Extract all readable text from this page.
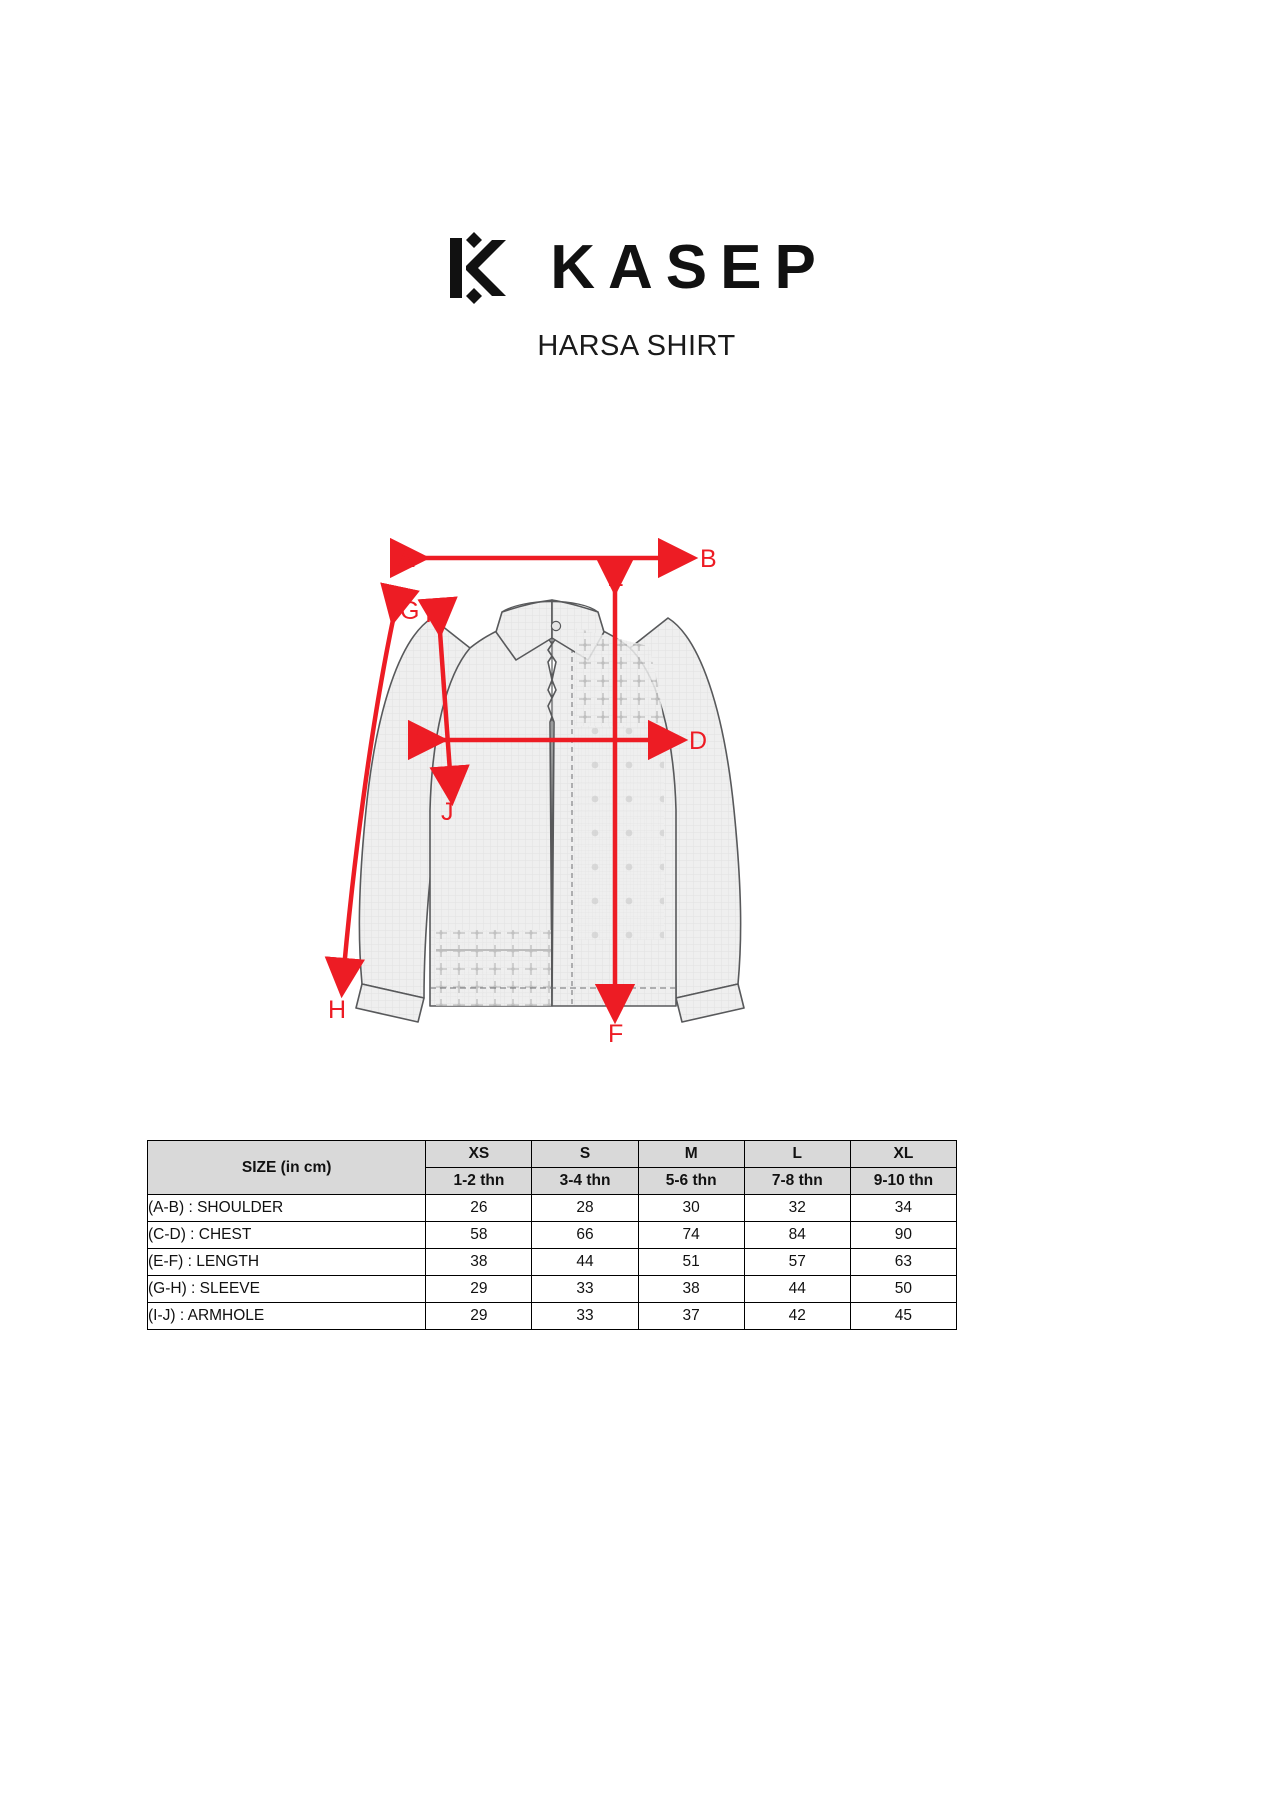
KASEP
HARSA SHIRT
A	B
C	D
E
F
G
H
I
J
SIZE (in cm)	XS	S	M	L	XL
	1-2 thn	3-4 thn	5-6 thn	7-8 thn	9-10 thn
(A-B) : SHOULDER	26	28	30	32	34
(C-D) : CHEST	58	66	74	84	90
(E-F) : LENGTH	38	44	51	57	63
(G-H) : SLEEVE	29	33	38	44	50
(I-J) : ARMHOLE	29	33	37	42	45
